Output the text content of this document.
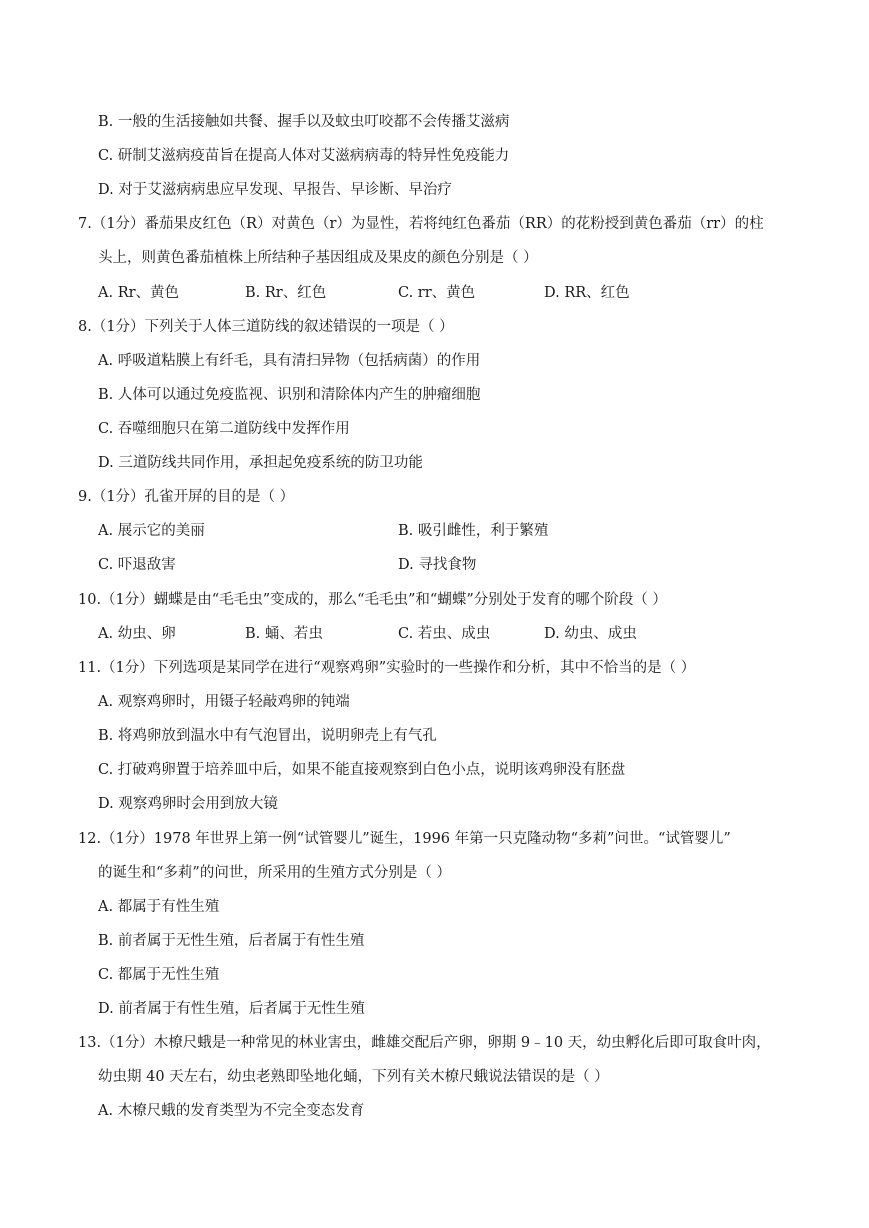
B. 一般的生活接触如共餐、握手以及蚊虫叮咬都不会传播艾滋病
C. 研制艾滋病疫苗旨在提高人体对艾滋病病毒的特异性免疫能力
D. 对于艾滋病病患应早发现、早报告、早诊断、早治疗
7.（1分）番茄果皮红色（R）对黄色（r）为显性，若将纯红色番茄（RR）的花粉授到黄色番茄（rr）的柱
头上，则黄色番茄植株上所结种子基因组成及果皮的颜色分别是（ ）
A. Rr、黄色	B. Rr、红色	C. rr、黄色	D. RR、红色
8.（1分）下列关于人体三道防线的叙述错误的一项是（ ）
A. 呼吸道粘膜上有纤毛，具有清扫异物（包括病菌）的作用
B. 人体可以通过免疫监视、识别和清除体内产生的肿瘤细胞
C. 吞噬细胞只在第二道防线中发挥作用
D. 三道防线共同作用，承担起免疫系统的防卫功能
9.（1分）孔雀开屏的目的是（ ）
A. 展示它的美丽	B. 吸引雌性，利于繁殖
C. 吓退敌害	D. 寻找食物
10.（1分）蝴蝶是由“毛毛虫”变成的，那么“毛毛虫”和“蝴蝶”分别处于发育的哪个阶段（ ）
A. 幼虫、卵	B. 蛹、若虫	C. 若虫、成虫	D. 幼虫、成虫
11.（1分）下列选项是某同学在进行“观察鸡卵”实验时的一些操作和分析，其中不恰当的是（ ）
A. 观察鸡卵时，用镊子轻敲鸡卵的钝端
B. 将鸡卵放到温水中有气泡冒出，说明卵壳上有气孔
C. 打破鸡卵置于培养皿中后，如果不能直接观察到白色小点，说明该鸡卵没有胚盘
D. 观察鸡卵时会用到放大镜
12.（1分）1978 年世界上第一例“试管婴儿”诞生，1996 年第一只克隆动物“多莉”问世。“试管婴儿”
的诞生和“多莉”的问世，所采用的生殖方式分别是（ ）
A. 都属于有性生殖
B. 前者属于无性生殖，后者属于有性生殖
C. 都属于无性生殖
D. 前者属于有性生殖，后者属于无性生殖
13.（1分）木橑尺蛾是一种常见的林业害虫，雌雄交配后产卵，卵期 9﹣10 天，幼虫孵化后即可取食叶肉，
幼虫期 40 天左右，幼虫老熟即坠地化蛹，下列有关木橑尺蛾说法错误的是（ ）
A. 木橑尺蛾的发育类型为不完全变态发育
